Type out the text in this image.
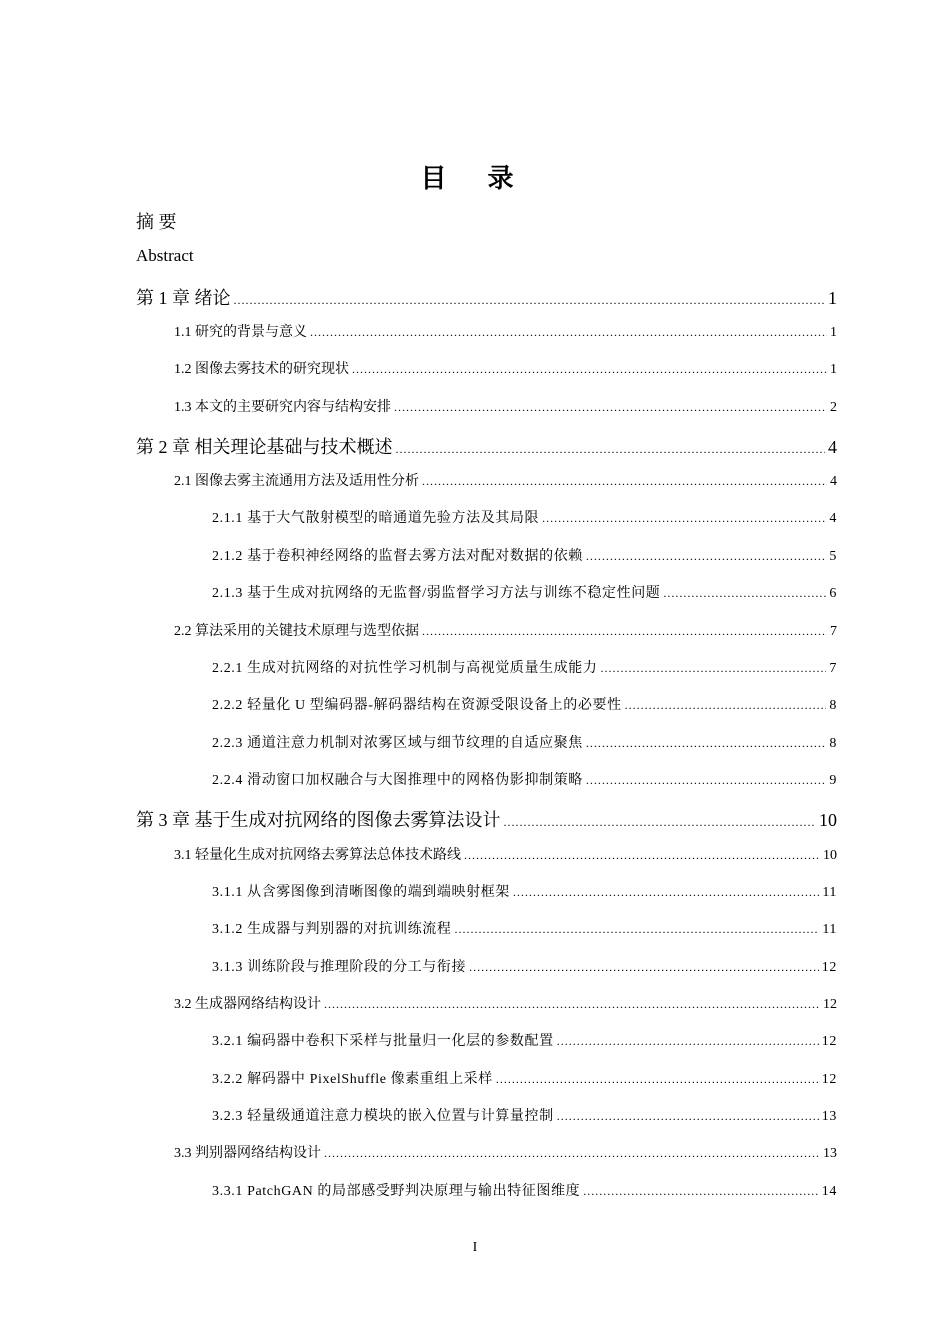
目 录
摘 要
Abstract
第 1 章 绪论 .....	1
1.1 研究的背景与意义 .....	1
1.2 图像去雾技术的研究现状 .....	1
1.3 本文的主要研究内容与结构安排 .....	2
第 2 章 相关理论基础与技术概述 .....	4
2.1 图像去雾主流通用方法及适用性分析 .....	4
2.1.1 基于大气散射模型的暗通道先验方法及其局限 .....	4
2.1.2 基于卷积神经网络的监督去雾方法对配对数据的依赖 .....	5
2.1.3 基于生成对抗网络的无监督/弱监督学习方法与训练不稳定性问题 .....	6
2.2 算法采用的关键技术原理与选型依据 .....	7
2.2.1 生成对抗网络的对抗性学习机制与高视觉质量生成能力 .....	7
2.2.2 轻量化 U 型编码器-解码器结构在资源受限设备上的必要性 .....	8
2.2.3 通道注意力机制对浓雾区域与细节纹理的自适应聚焦 .....	8
2.2.4 滑动窗口加权融合与大图推理中的网格伪影抑制策略 .....	9
第 3 章 基于生成对抗网络的图像去雾算法设计 .....	10
3.1 轻量化生成对抗网络去雾算法总体技术路线 .....	10
3.1.1 从含雾图像到清晰图像的端到端映射框架 .....	11
3.1.2 生成器与判别器的对抗训练流程 .....	11
3.1.3 训练阶段与推理阶段的分工与衔接 .....	12
3.2 生成器网络结构设计 .....	12
3.2.1 编码器中卷积下采样与批量归一化层的参数配置 .....	12
3.2.2 解码器中 PixelShuffle 像素重组上采样 .....	12
3.2.3 轻量级通道注意力模块的嵌入位置与计算量控制 .....	13
3.3 判别器网络结构设计 .....	13
3.3.1 PatchGAN 的局部感受野判决原理与输出特征图维度 .....	14
I
